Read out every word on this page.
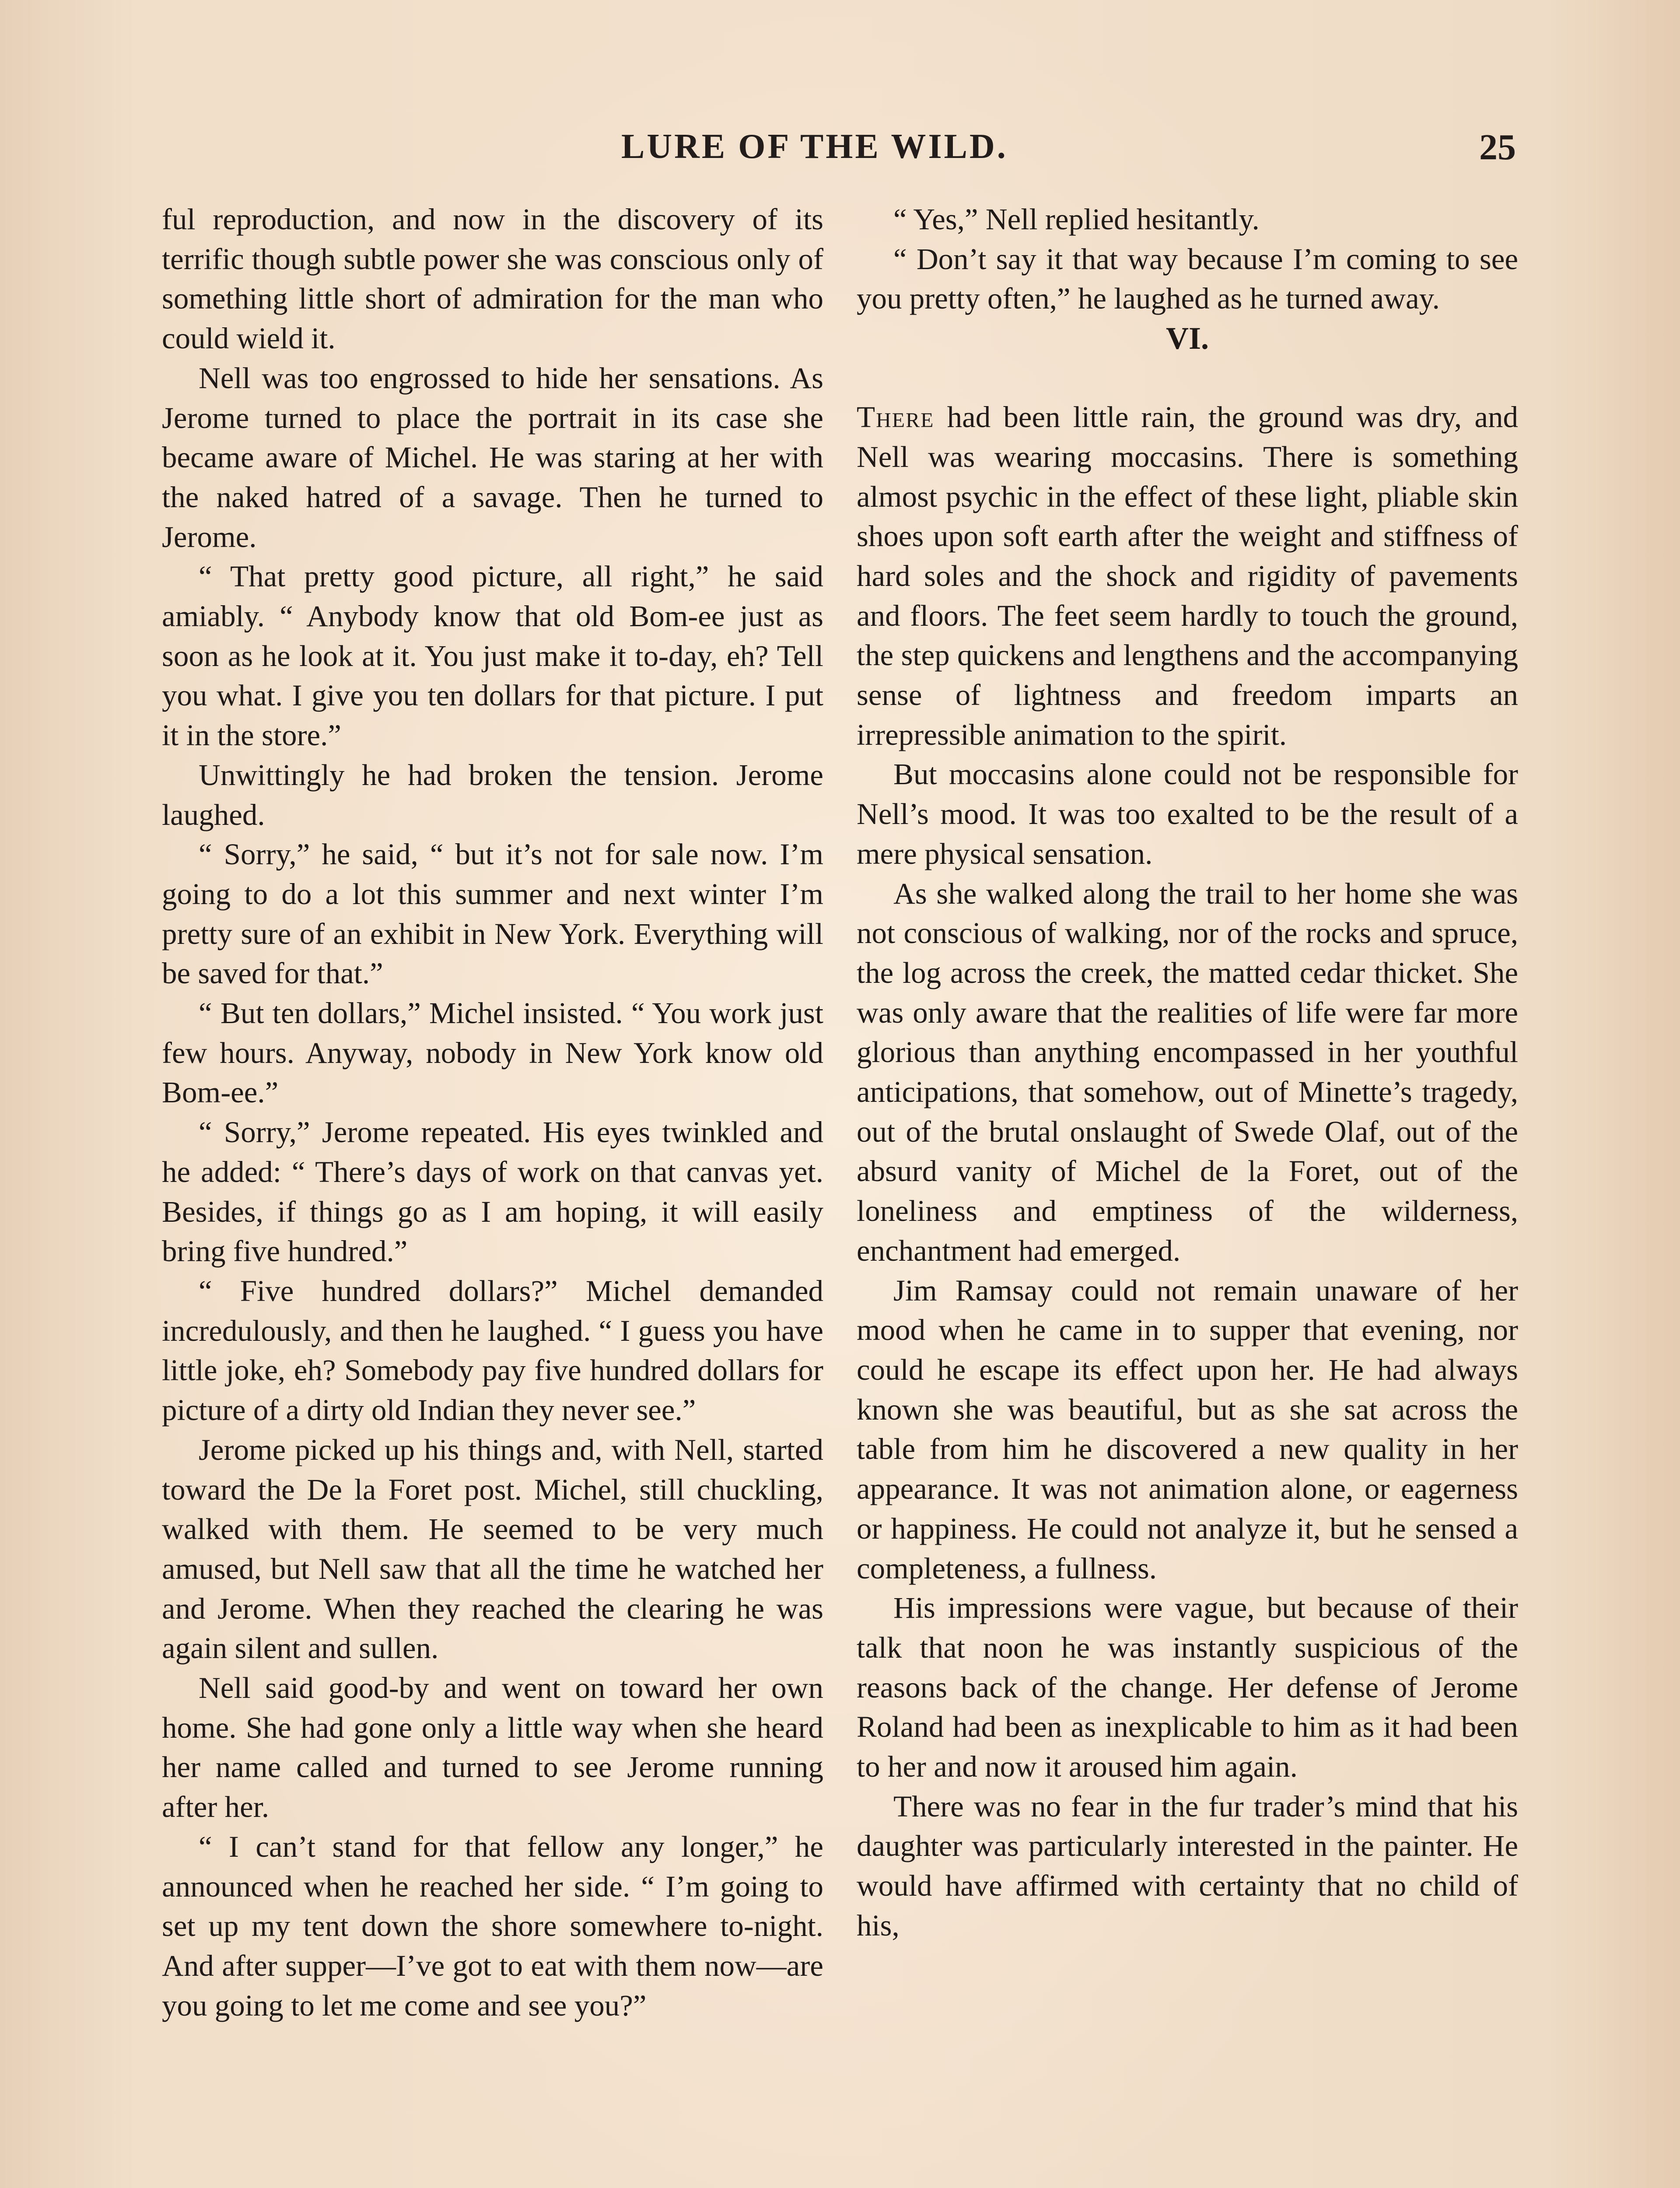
LURE OF THE WILD.	25

ful reproduction, and now in the discovery of its terrific though subtle power she was conscious only of something little short of admiration for the man who could wield it.

Nell was too engrossed to hide her sensations. As Jerome turned to place the portrait in its case she became aware of Michel. He was staring at her with the naked hatred of a savage. Then he turned to Jerome.

“ That pretty good picture, all right,” he said amiably. “ Anybody know that old Bom-ee just as soon as he look at it. You just make it to-day, eh? Tell you what. I give you ten dollars for that picture. I put it in the store.”

Unwittingly he had broken the tension. Jerome laughed.

“ Sorry,” he said, “ but it’s not for sale now. I’m going to do a lot this summer and next winter I’m pretty sure of an exhibit in New York. Everything will be saved for that.”

“ But ten dollars,” Michel insisted. “ You work just few hours. Anyway, nobody in New York know old Bom-ee.”

“ Sorry,” Jerome repeated. His eyes twinkled and he added: “ There’s days of work on that canvas yet. Besides, if things go as I am hoping, it will easily bring five hundred.”

“ Five hundred dollars?” Michel demanded incredulously, and then he laughed. “ I guess you have little joke, eh? Somebody pay five hundred dollars for picture of a dirty old Indian they never see.”

Jerome picked up his things and, with Nell, started toward the De la Foret post. Michel, still chuckling, walked with them. He seemed to be very much amused, but Nell saw that all the time he watched her and Jerome. When they reached the clearing he was again silent and sullen.

Nell said good-by and went on toward her own home. She had gone only a little way when she heard her name called and turned to see Jerome running after her.

“ I can’t stand for that fellow any longer,” he announced when he reached her side. “ I’m going to set up my tent down the shore somewhere to-night. And after supper—I’ve got to eat with them now—are you going to let me come and see you?”

“ Yes,” Nell replied hesitantly.

“ Don’t say it that way because I’m coming to see you pretty often,” he laughed as he turned away.

VI.

There had been little rain, the ground was dry, and Nell was wearing moccasins. There is something almost psychic in the effect of these light, pliable skin shoes upon soft earth after the weight and stiffness of hard soles and the shock and rigidity of pavements and floors. The feet seem hardly to touch the ground, the step quickens and lengthens and the accompanying sense of lightness and freedom imparts an irrepressible animation to the spirit.

But moccasins alone could not be responsible for Nell’s mood. It was too exalted to be the result of a mere physical sensation.

As she walked along the trail to her home she was not conscious of walking, nor of the rocks and spruce, the log across the creek, the matted cedar thicket. She was only aware that the realities of life were far more glorious than anything encompassed in her youthful anticipations, that somehow, out of Minette’s tragedy, out of the brutal onslaught of Swede Olaf, out of the absurd vanity of Michel de la Foret, out of the loneliness and emptiness of the wilderness, enchantment had emerged.

Jim Ramsay could not remain unaware of her mood when he came in to supper that evening, nor could he escape its effect upon her. He had always known she was beautiful, but as she sat across the table from him he discovered a new quality in her appearance. It was not animation alone, or eagerness or happiness. He could not analyze it, but he sensed a completeness, a fullness.

His impressions were vague, but because of their talk that noon he was instantly suspicious of the reasons back of the change. Her defense of Jerome Roland had been as inexplicable to him as it had been to her and now it aroused him again.

There was no fear in the fur trader’s mind that his daughter was particularly interested in the painter. He would have affirmed with certainty that no child of his,
